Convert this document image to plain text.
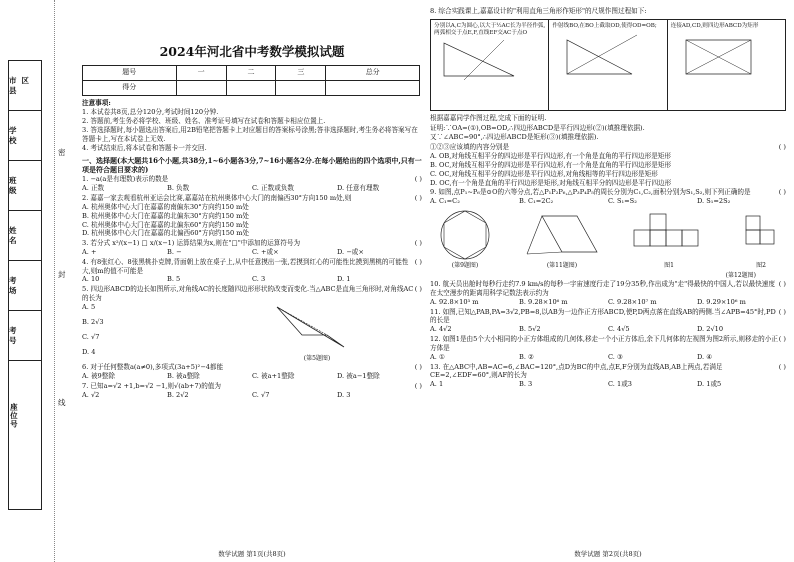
市区县
学 校
班 级
姓 名
考 场
考 号
座位号
密
封
线
2024年河北省中考数学模拟试题
题号	一	二	三	总分
得分				
注意事项:
1. 本试卷共8页,总分120分,考试时间120分钟.
2. 答题前,考生务必将学校、班级、姓名、准考证号填写在试卷和答题卡相应位置上.
3. 答选择题时,每小题选出答案后,用2B铅笔把答题卡上对应题目的答案标号涂黑;答非选择题时,考生务必将答案写在答题卡上,写在本试卷上无效.
4. 考试结束后,将本试卷和答题卡一并交回.
一、选择题(本大题共16个小题,共38分,1~6小题各3分,7~16小题各2分.在每小题给出的四个选项中,只有一项是符合题目要求的)
( )
1. −a(a是有理数)表示的数是
A. 正数	B. 负数	C. 正数或负数	D. 任意有理数
( )
2. 嘉嘉一家去观看杭州亚运会比赛,嘉嘉站在杭州奥体中心大门的南偏西30°方向150 m处,则
A. 杭州奥体中心大门在嘉嘉的南偏东30°方向约150 m处
B. 杭州奥体中心大门在嘉嘉的北偏东30°方向约150 m处
C. 杭州奥体中心大门在嘉嘉的北偏东60°方向约150 m处
D. 杭州奥体中心大门在嘉嘉的北偏西60°方向约150 m处
( )
3. 若分式 x²/(x−1) □ x/(x−1) 运算结果为x,则在"□"中添加的运算符号为
A. +	B. −	C. +或×	D. −或×
( )
4. 有8张红心、8张黑桃扑克牌,背面朝上放在桌子上,从中任意摸出一张,若摸到红心的可能性比摸到黑桃的可能性大,则m的值不可能是
A. 10	B. 5	C. 3	D. 1
( )
5. 四边形ABCD的边长如图所示,对角线AC的长度随四边形形状的改变而变化.当△ABC是直角三角形时,对角线AC的长为
A. 5
B. 2√3
C. √7
D. 4
(第5题图)
( )
6. 对于任何整数a(a≠0),多项式(3a+5)²−4都能
A. 被9整除	B. 被a整除	C. 被a+1整除	D. 被a−1整除
( )
7. 已知a=√2 +1,b=√2 −1,则√(ab+7)的值为
A. √2	B. 2√2	C. √7	D. 3
数学试题 第1页(共8页)
8. 综合实践课上,嘉嘉设计的"利用直角三角形作矩形"的尺规作图过程如下:
分别以A,C为圆心,以大于½AC长为半径作弧,两弧相交于点E,F,直线EF交AC于点O
作射线BO,在BO上截取OD,使得OD=OB;	连接AD,CD,则四边形ABCD为矩形
根据嘉嘉同学作图过程,完成下面的证明.
证明:∵OA=(①),OB=OD,∴四边形ABCD是平行四边形(②)(填推理依据).
又∵∠ABC=90°,∴四边形ABCD是矩形(③)(填推理依据).
( )
①②③应该填的内容分别是
A. OB,对角线互相平分的四边形是平行四边形,有一个角是直角的平行四边形是矩形
B. OC,对角线互相平分的四边形是平行四边形,有一个角是直角的平行四边形是矩形
C. OC,对角线互相平分的四边形是平行四边形,对角线相等的平行四边形是矩形
D. OC,有一个角是直角的平行四边形是矩形,对角线互相平分的四边形是平行四边形
( )
9. 如图,点P₁~P₆是⊙O的六等分点,若△P₁P₂P₆,△P₃P₄P₅的周长分别为C₁,C₂,面积分别为S₁,S₂,则下列正确的是
A. C₁=C₂	B. C₁=2C₂	C. S₁=S₂	D. S₁=2S₂
(第9题图)	(第11题图)	图1	图2
(第12题图)
( )
10. 航天员出舱时每秒行走约7.9 km/s的每秒一宇宙速度行走了19分35秒,作出成为"走"得最快的中国人,若以最快速度在太空漫步的距离用科学记数法表示约为
A. 92.8×10³ m	B. 9.28×10⁶ m	C. 9.28×10⁷ m	D. 9.29×10⁶ m
( )
11. 如图,已知△PAB,PA=3√2,PB=8,以AB为一边作正方形ABCD,使P,D两点落在直线AB的两侧.当∠APB=45°时,PD的长是
A. 4√2	B. 5√2	C. 4√5	D. 2√10
( )
12. 如图1是由5个大小相同的小正方体组成的几何体,移走一个小正方体后,余下几何体的左视图为图2所示,则移走的小正方体是
A. ①	B. ②	C. ③	D. ④
( )
13. 在△ABC中,AB=AC=6,∠BAC=120°,点D为BC的中点,点E,F分别为直线AB,AB上两点,若满足CE=2,∠EDF=60°,则AF的长为
A. 1	B. 3	C. 1或3	D. 1或5
数学试题 第2页(共8页)
